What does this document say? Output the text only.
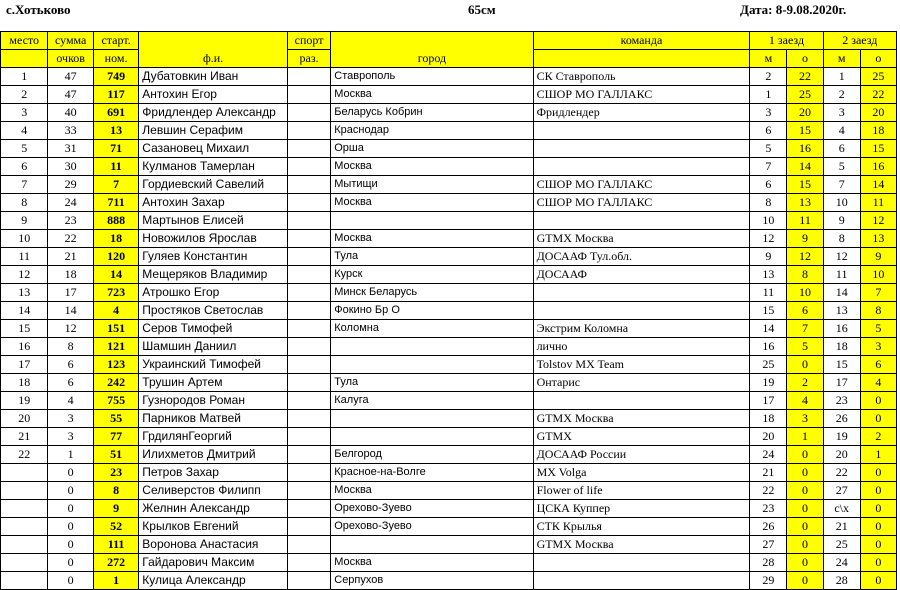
с.Хотьково	65см	Дата: 8-9.08.2020г.
место	сумма	старт.	ф.и.	спорт	город	команда	1 заезд		2 заезд	
	очков	ном.		раз.			м	о	м	о
1	47	749	Дубатовкин Иван		Ставрополь	СК Ставрополь	2	22	1	25
2	47	117	Антохин Егор		Москва	СШОР МО ГАЛЛАКС	1	25	2	22
3	40	691	Фридлендер Александр		Беларусь Кобрин	Фридлендер	3	20	3	20
4	33	13	Левшин Серафим		Краснодар		6	15	4	18
5	31	71	Сазановец Михаил		Орша		5	16	6	15
6	30	11	Кулманов Тамерлан		Москва		7	14	5	16
7	29	7	Гордиевский Савелий		Мытищи	СШОР МО ГАЛЛАКС	6	15	7	14
8	24	711	Антохин Захар		Москва	СШОР МО ГАЛЛАКС	8	13	10	11
9	23	888	Мартынов Елисей				10	11	9	12
10	22	18	Новожилов Ярослав		Москва	GTMX Москва	12	9	8	13
11	21	120	Гуляев Константин		Тула	ДОСААФ Тул.обл.	9	12	12	9
12	18	14	Мещеряков Владимир		Курск	ДОСААФ	13	8	11	10
13	17	723	Атрошко Егор		Минск Беларусь		11	10	14	7
14	14	4	Простяков Светослав		Фокино Бр О		15	6	13	8
15	12	151	Серов Тимофей		Коломна	Экстрим Коломна	14	7	16	5
16	8	121	Шамшин Даниил			лично	16	5	18	3
17	6	123	Украинский Тимофей			Tolstov MX Team	25	0	15	6
18	6	242	Трушин Артем		Тула	Онтарис	19	2	17	4
19	4	755	Гузнородов Роман		Калуга		17	4	23	0
20	3	55	Парников Матвей			GTMX Москва	18	3	26	0
21	3	77	ГрдилянГеоргий			GTMX	20	1	19	2
22	1	51	Илихметов Дмитрий		Белгород	ДОСААФ России	24	0	20	1
	0	23	Петров Захар		Красное-на-Волге	MX Volga	21	0	22	0
	0	8	Селиверстов Филипп		Москва	Flower of life	22	0	27	0
	0	9	Желнин Александр		Орехово-Зуево	ЦСКА Куппер	23	0	с\х	0
	0	52	Крылков Евгений		Орехово-Зуево	СТК Крылья	26	0	21	0
	0	111	Воронова Анастасия			GTMX Москва	27	0	25	0
	0	272	Гайдарович Максим		Москва		28	0	24	0
	0	1	Кулица Александр		Серпухов		29	0	28	0
